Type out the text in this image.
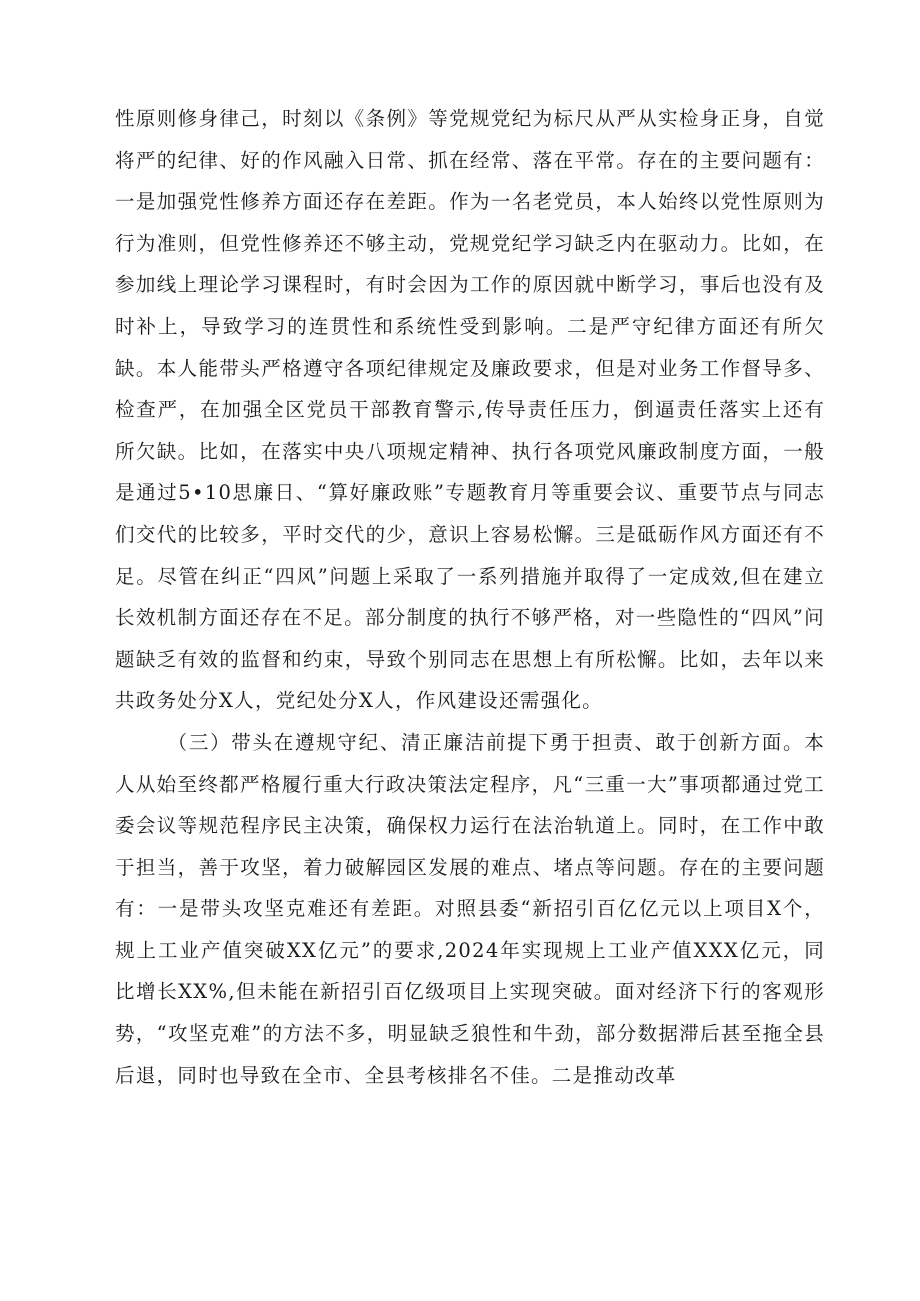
性原则修身律己，时刻以《条例》等党规党纪为标尺从严从实检身正身，自觉将严的纪律、好的作风融入日常、抓在经常、落在平常。存在的主要问题有：一是加强党性修养方面还存在差距。作为一名老党员，本人始终以党性原则为行为准则，但党性修养还不够主动，党规党纪学习缺乏内在驱动力。比如，在参加线上理论学习课程时，有时会因为工作的原因就中断学习，事后也没有及时补上，导致学习的连贯性和系统性受到影响。二是严守纪律方面还有所欠缺。本人能带头严格遵守各项纪律规定及廉政要求，但是对业务工作督导多、检查严，在加强全区党员干部教育警示,传导责任压力，倒逼责任落实上还有所欠缺。比如，在落实中央八项规定精神、执行各项党风廉政制度方面，一般是通过5•10思廉日、“算好廉政账”专题教育月等重要会议、重要节点与同志们交代的比较多，平时交代的少，意识上容易松懈。三是砥砺作风方面还有不足。尽管在纠正“四风”问题上采取了一系列措施并取得了一定成效,但在建立长效机制方面还存在不足。部分制度的执行不够严格，对一些隐性的“四风”问题缺乏有效的监督和约束，导致个别同志在思想上有所松懈。比如，去年以来共政务处分X人，党纪处分X人，作风建设还需强化。

（三）带头在遵规守纪、清正廉洁前提下勇于担责、敢于创新方面。本人从始至终都严格履行重大行政决策法定程序，凡“三重一大”事项都通过党工委会议等规范程序民主决策，确保权力运行在法治轨道上。同时，在工作中敢于担当，善于攻坚，着力破解园区发展的难点、堵点等问题。存在的主要问题有：一是带头攻坚克难还有差距。对照县委“新招引百亿亿元以上项目X个，规上工业产值突破XX亿元”的要求,2024年实现规上工业产值XXX亿元，同比增长XX%,但未能在新招引百亿级项目上实现突破。面对经济下行的客观形势，“攻坚克难”的方法不多，明显缺乏狼性和牛劲，部分数据滞后甚至拖全县后退，同时也导致在全市、全县考核排名不佳。二是推动改革
